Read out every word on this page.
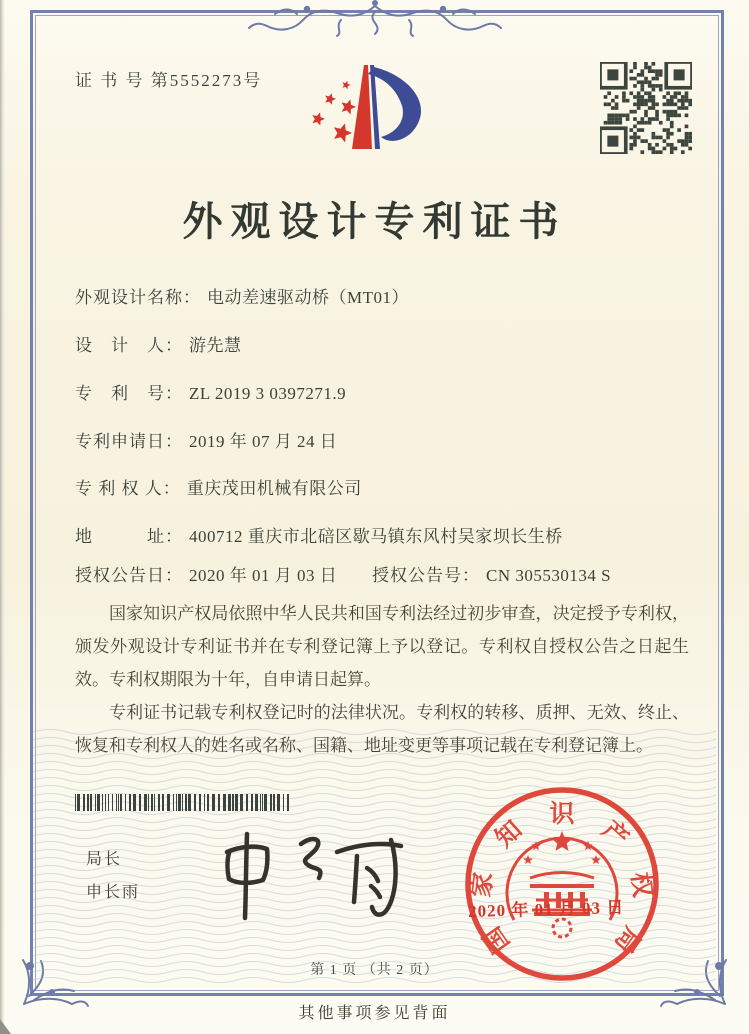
证 书 号 第5552273号
外观设计专利证书
外观设计名称： 电动差速驱动桥（MT01）
设　计　人： 游先慧
专　利　号： ZL 2019 3 0397271.9
专利申请日： 2019 年 07 月 24 日
专 利 权 人： 重庆茂田机械有限公司
地　　　址： 400712 重庆市北碚区歇马镇东风村吴家坝长生桥
授权公告日： 2020 年 01 月 03 日 授权公告号： CN 305530134 S

国家知识产权局依照中华人民共和国专利法经过初步审查，决定授予专利权，颁发外观设计专利证书并在专利登记簿上予以登记。专利权自授权公告之日起生效。专利权期限为十年，自申请日起算。

专利证书记载专利权登记时的法律状况。专利权的转移、质押、无效、终止、恢复和专利权人的姓名或名称、国籍、地址变更等事项记载在专利登记簿上。

局长
申长雨
国
家
知
识
产
权
局
2020 年 01 月 03 日
第 1 页 （共 2 页）
其他事项参见背面
